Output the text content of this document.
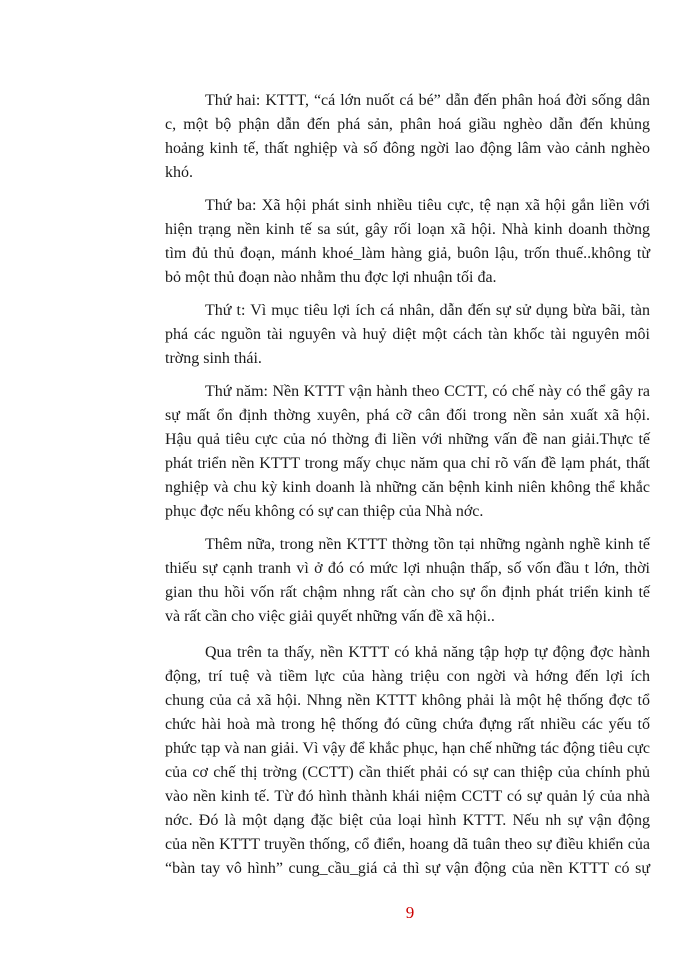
Thứ hai: KTTT, “cá lớn nuốt cá bé” dẫn đến phân hoá đời sống dân
c, một bộ phận dẫn đến phá sản, phân hoá giầu nghèo dẫn đến khủng
hoảng kinh tế, thất nghiệp và số đông ngời lao động lâm vào cảnh nghèo
khó.
Thứ ba: Xã hội phát sinh nhiều tiêu cực, tệ nạn xã hội gắn liền với
hiện trạng nền kinh tế sa sút, gây rối loạn xã hội. Nhà kinh doanh thờng
tìm đủ thủ đoạn, mánh khoé_làm hàng giả, buôn lậu, trốn thuế..không từ
bỏ một thủ đoạn nào nhằm thu đợc lợi nhuận tối đa.
Thứ t: Vì mục tiêu lợi ích cá nhân, dẫn đến sự sử dụng bừa bãi, tàn
phá các nguồn tài nguyên và huỷ diệt một cách tàn khốc tài nguyên môi
trờng sinh thái.
Thứ năm: Nền KTTT vận hành theo CCTT, có chế này có thể gây ra
sự mất ổn định thờng xuyên, phá cỡ cân đối trong nền sản xuất xã hội.
Hậu quả tiêu cực của nó thờng đi liền với những vấn đề nan giải.Thực tế
phát triển nền KTTT trong mấy chục năm qua chỉ rõ vấn đề lạm phát, thất
nghiệp và chu kỳ kinh doanh là những căn bệnh kinh niên không thể khắc
phục đợc nếu không có sự can thiệp của Nhà nớc.
Thêm nữa, trong nền KTTT thờng tồn tại những ngành nghề kinh tế
thiếu sự cạnh tranh vì ở đó có mức lợi nhuận thấp, số vốn đầu t lớn, thời
gian thu hồi vốn rất chậm nhng rất càn cho sự ổn định phát triển kinh tế
và rất cần cho việc giải quyết những vấn đề xã hội..
Qua trên ta thấy, nền KTTT có khả năng tập hợp tự động đợc hành
động, trí tuệ và tiềm lực của hàng triệu con ngời và hớng đến lợi ích
chung của cả xã hội. Nhng nền KTTT không phải là một hệ thống đợc tổ
chức hài hoà mà trong hệ thống đó cũng chứa đựng rất nhiều các yếu tố
phức tạp và nan giải. Vì vậy để khắc phục, hạn chế những tác động tiêu cực
của cơ chế thị trờng (CCTT) cần thiết phải có sự can thiệp của chính phủ
vào nền kinh tế. Từ đó hình thành khái niệm CCTT có sự quản lý của nhà
nớc. Đó là một dạng đặc biệt của loại hình KTTT. Nếu nh sự vận động
của nền KTTT truyền thống, cổ điển, hoang dã tuân theo sự điều khiển của
“bàn tay vô hình” cung_cầu_giá cả thì sự vận động của nền KTTT có sự
9
